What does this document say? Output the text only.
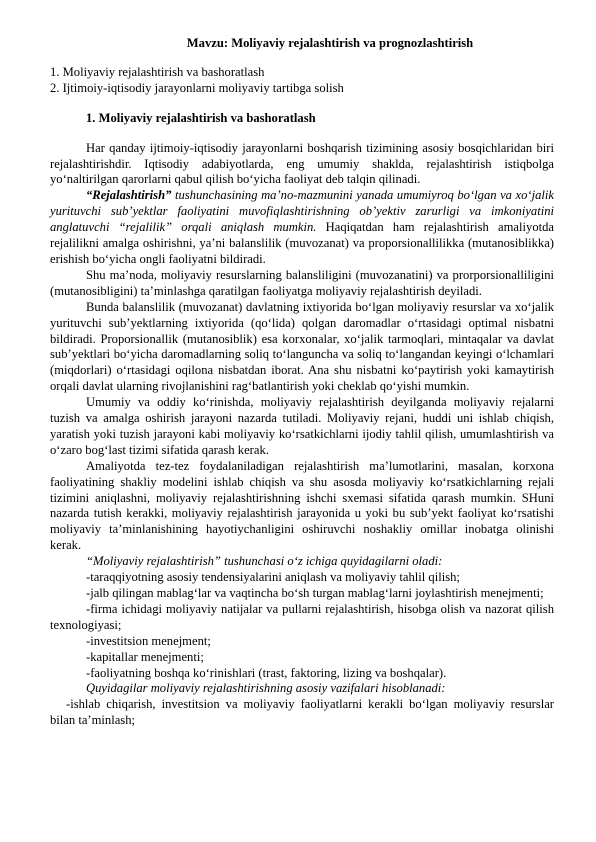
Mavzu: Moliyaviy rejalashtirish va prognozlashtirish
1. Moliyaviy rejalashtirish va bashoratlash
2. Ijtimoiy-iqtisodiy jarayonlarni moliyaviy tartibga solish
1. Moliyaviy rejalashtirish va bashoratlash

Har qanday ijtimoiy-iqtisodiy jarayonlarni boshqarish tizimining asosiy bosqichlaridan biri rejalashtirishdir. Iqtisodiy adabiyotlarda, eng umumiy shaklda, rejalashtirish istiqbolga yo‘naltirilgan qarorlarni qabul qilish bo‘yicha faoliyat deb talqin qilinadi.

“Rejalashtirish” tushunchasining ma’no-mazmunini yanada umumiyroq bo‘lgan va xo‘jalik yurituvchi sub’yektlar faoliyatini muvofiqlashtirishning ob’yektiv zarurligi va imkoniyatini anglatuvchi “rejalilik” orqali aniqlash mumkin. Haqiqatdan ham rejalashtirish amaliyotda rejalilikni amalga oshirishni, ya’ni balanslilik (muvozanat) va proporsionallilikka (mutanosiblikka) erishish bo‘yicha ongli faoliyatni bildiradi.

Shu ma’noda, moliyaviy resurslarning balansliligini (muvozanatini) va prorporsionalliligini (mutanosibligini) ta’minlashga qaratilgan faoliyatga moliyaviy rejalashtirish deyiladi.

Bunda balanslilik (muvozanat) davlatning ixtiyorida bo‘lgan moliyaviy resurslar va xo‘jalik yurituvchi sub’yektlarning ixtiyorida (qo‘lida) qolgan daromadlar o‘rtasidagi optimal nisbatni bildiradi. Proporsionallik (mutanosiblik) esa korxonalar, xo‘jalik tarmoqlari, mintaqalar va davlat sub’yektlari bo‘yicha daromadlarning soliq to‘languncha va soliq to‘langandan keyingi o‘lchamlari (miqdorlari) o‘rtasidagi oqilona nisbatdan iborat. Ana shu nisbatni ko‘paytirish yoki kamaytirish orqali davlat ularning rivojlanishini rag‘batlantirish yoki cheklab qo‘yishi mumkin.

Umumiy va oddiy ko‘rinishda, moliyaviy rejalashtirish deyilganda moliyaviy rejalarni tuzish va amalga oshirish jarayoni nazarda tutiladi. Moliyaviy rejani, huddi uni ishlab chiqish, yaratish yoki tuzish jarayoni kabi moliyaviy ko‘rsatkichlarni ijodiy tahlil qilish, umumlashtirish va o‘zaro bog‘last tizimi sifatida qarash kerak.

Amaliyotda tez-tez foydalaniladigan rejalashtirish ma’lumotlarini, masalan, korxona faoliyatining shakliy modelini ishlab chiqish va shu asosda moliyaviy ko‘rsatkichlarning rejali tizimini aniqlashni, moliyaviy rejalashtirishning ishchi sxemasi sifatida qarash mumkin. SHuni nazarda tutish kerakki, moliyaviy rejalashtirish jarayonida u yoki bu sub’yekt faoliyat ko‘rsatishi moliyaviy ta’minlanishining hayotiychanligini oshiruvchi noshakliy omillar inobatga olinishi kerak.

“Moliyaviy rejalashtirish” tushunchasi o‘z ichiga quyidagilarni oladi:

-taraqqiyotning asosiy tendensiyalarini aniqlash va moliyaviy tahlil qilish;

-jalb qilingan mablag‘lar va vaqtincha bo‘sh turgan mablag‘larni joylashtirish menejmenti;

-firma ichidagi moliyaviy natijalar va pullarni rejalashtirish, hisobga olish va nazorat qilish texnologiyasi;

-investitsion menejment;

-kapitallar menejmenti;

-faoliyatning boshqa ko‘rinishlari (trast, faktoring, lizing va boshqalar).

Quyidagilar moliyaviy rejalashtirishning asosiy vazifalari hisoblanadi:

-ishlab chiqarish, investitsion va moliyaviy faoliyatlarni kerakli bo‘lgan moliyaviy resurslar bilan ta’minlash;
